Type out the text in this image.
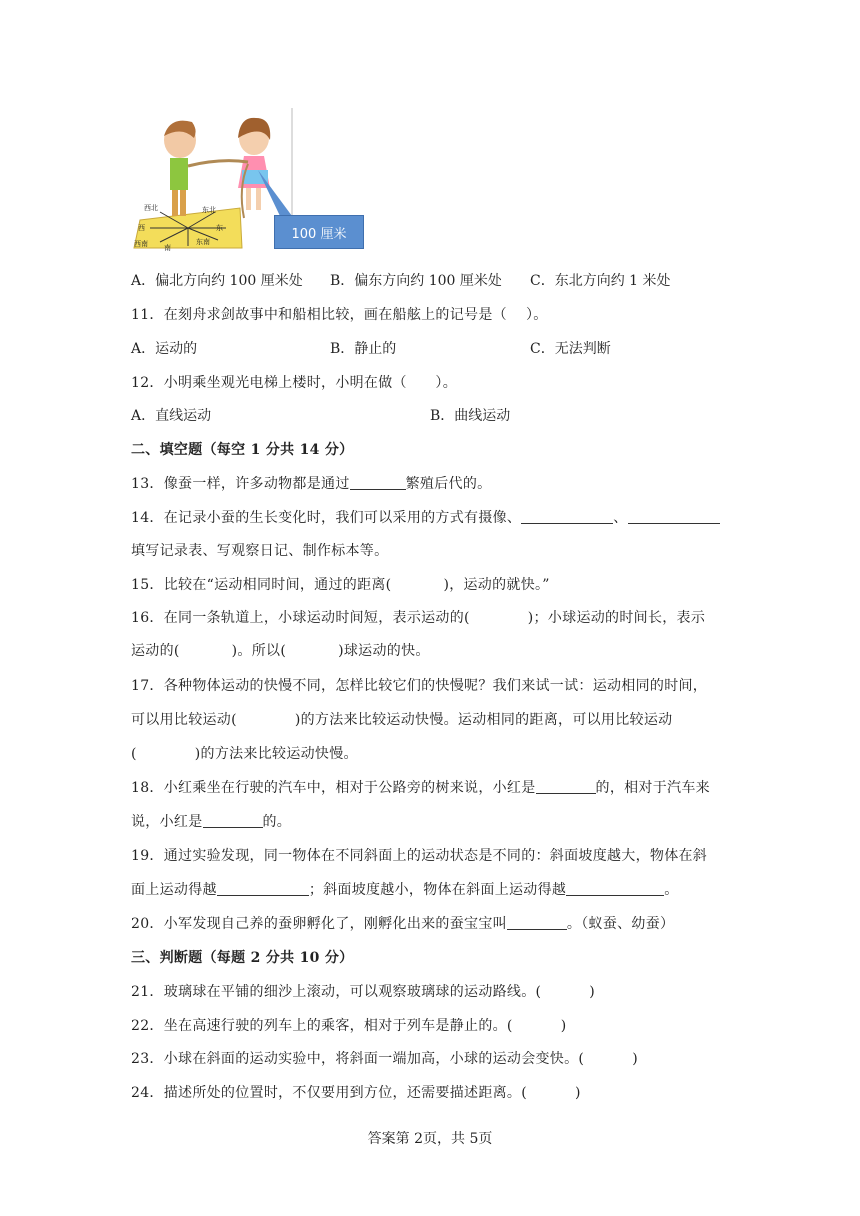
西北	东北
西	东
西南	东南
南
100 厘米
A．偏北方向约 100 厘米处 B．偏东方向约 100 厘米处 C．东北方向约 1 米处
11．在刻舟求剑故事中和船相比较，画在船舷上的记号是（　 ）。
A．运动的	B．静止的	C．无法判断
12．小明乘坐观光电梯上楼时，小明在做（　　）。
A．直线运动	B．曲线运动
二、填空题（每空 1 分共 14 分）
13．像蚕一样，许多动物都是通过	繁殖后代的。
14．在记录小蚕的生长变化时，我们可以采用的方式有摄像、	、
填写记录表、写观察日记、制作标本等。
15．比较在“运动相同时间，通过的距离(	)，运动的就快。”
16．在同一条轨道上，小球运动时间短，表示运动的(	)；小球运动的时间长，表示
运动的(	)。所以(	)球运动的快。
17．各种物体运动的快慢不同，怎样比较它们的快慢呢？我们来试一试：运动相同的时间，
可以用比较运动(	)的方法来比较运动快慢。运动相同的距离，可以用比较运动
(	)的方法来比较运动快慢。
18．小红乘坐在行驶的汽车中，相对于公路旁的树来说，小红是	的，相对于汽车来
说，小红是	的。
19．通过实验发现，同一物体在不同斜面上的运动状态是不同的：斜面坡度越大，物体在斜
面上运动得越	；斜面坡度越小，物体在斜面上运动得越	。
20．小军发现自己养的蚕卵孵化了，刚孵化出来的蚕宝宝叫	。（蚁蚕、幼蚕）
三、判断题（每题 2 分共 10 分）
21．玻璃球在平铺的细沙上滚动，可以观察玻璃球的运动路线。(	)
22．坐在高速行驶的列车上的乘客，相对于列车是静止的。(	)
23．小球在斜面的运动实验中，将斜面一端加高，小球的运动会变快。(	)
24．描述所处的位置时，不仅要用到方位，还需要描述距离。(	)
答案第 2页，共 5页
